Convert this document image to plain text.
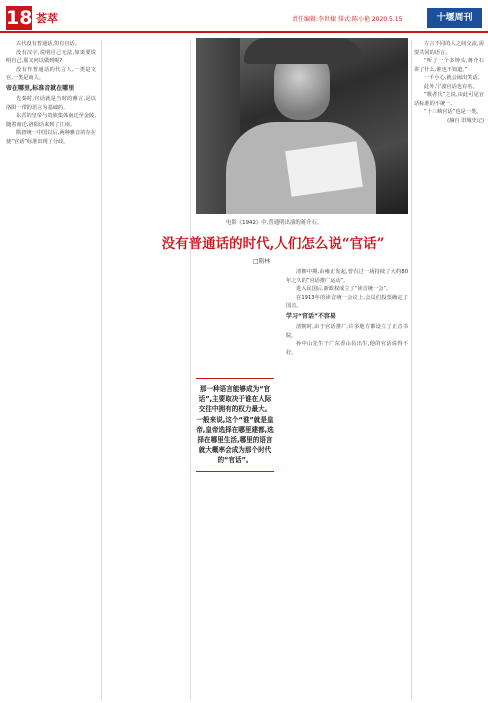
18 荟萃	责任编辑:李世棣 排式:陈小艳 2020.5.15	十堰周刊

古代没有普通话,但有官话。

没有汉字,说明自己无法,如果要说明自己,那又何以做到呢?

没有作普通话的代言人,一类是文官,一类是商人。

帝在哪里,标准音就在哪里

先秦时,官话就是当时的雅言,是以洛阳一带的语言为基础的。

东晋的皇帝与贵族集体南迁至金陵,随着南迁,洛阳话来到了江南。

隋唐统一中国以后,两种雅音的存在使“官话”标准出现了分歧。

电影《1942》中,普通明出演的蒋介石。
没有普通话的时代,人们怎么说“官话”
□隋林
那一种语言能够成为“官话”,主要取决于谁在人际交往中拥有的权力最大。一般来说,这个“谁”就是皇帝,皇帝选择在哪里建都,选择在哪里生活,哪里的语言就大概率会成为那个时代的“官话”。

清朝中期,由雍正发起,曾有过一场持续了大约80年之久的“官话推广运动”。

进入民国后,新政权成立了“读音统一会”。

在1913年的读音统一会议上,会员们投票确定了国音。

学习“官话”不容易

清朝时,由于官话推广,许多地方都设立了正音书院。

孙中山先生于广东香山县出生,他的官话说得不好。

方言不同的人之间交流,需要共同的语言。

“听了一个多钟头,蒋介石讲了什么,谁也不知道。”

一不小心,就会闹出笑话。

此外,宁波官话也有名。

“歌者氏”之说,由此可见官话标准的不统一。

“十三峡官话”也是一类。

(摘自 旧城史记)
